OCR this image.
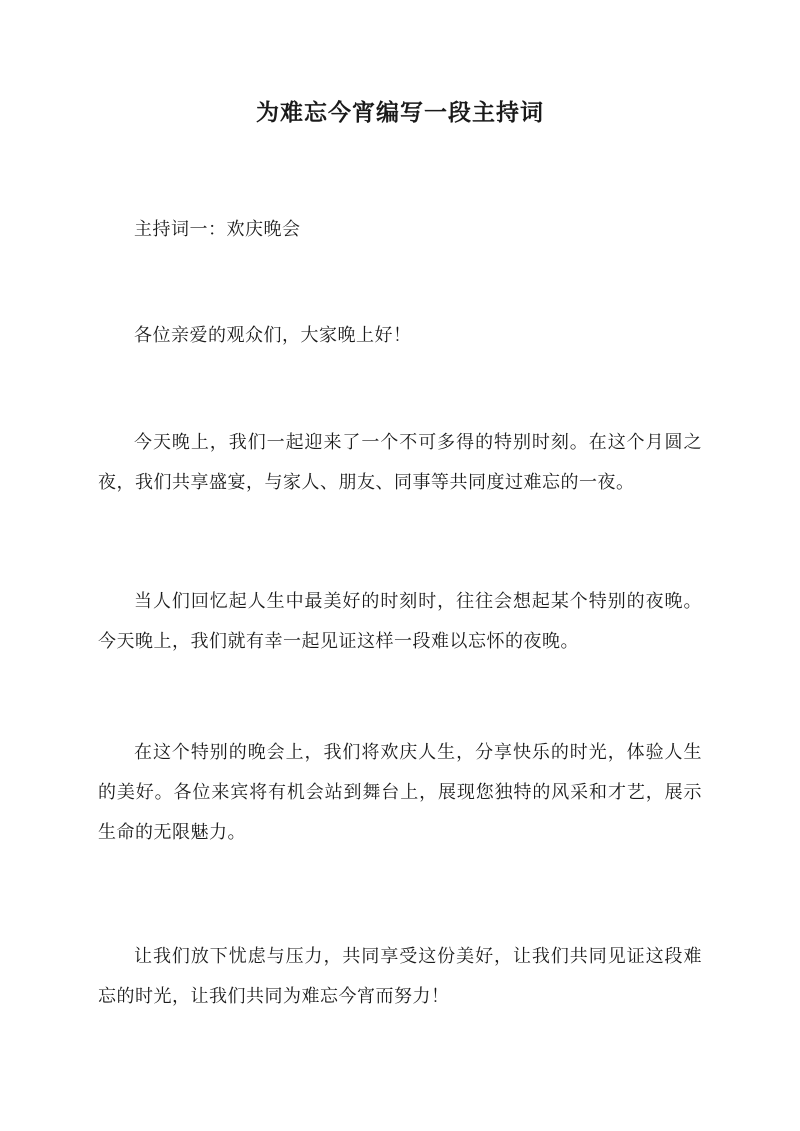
为难忘今宵编写一段主持词

主持词一：欢庆晚会

各位亲爱的观众们，大家晚上好！

今天晚上，我们一起迎来了一个不可多得的特别时刻。在这个月圆之夜，我们共享盛宴，与家人、朋友、同事等共同度过难忘的一夜。

当人们回忆起人生中最美好的时刻时，往往会想起某个特别的夜晚。今天晚上，我们就有幸一起见证这样一段难以忘怀的夜晚。

在这个特别的晚会上，我们将欢庆人生，分享快乐的时光，体验人生的美好。各位来宾将有机会站到舞台上，展现您独特的风采和才艺，展示生命的无限魅力。

让我们放下忧虑与压力，共同享受这份美好，让我们共同见证这段难忘的时光，让我们共同为难忘今宵而努力！
